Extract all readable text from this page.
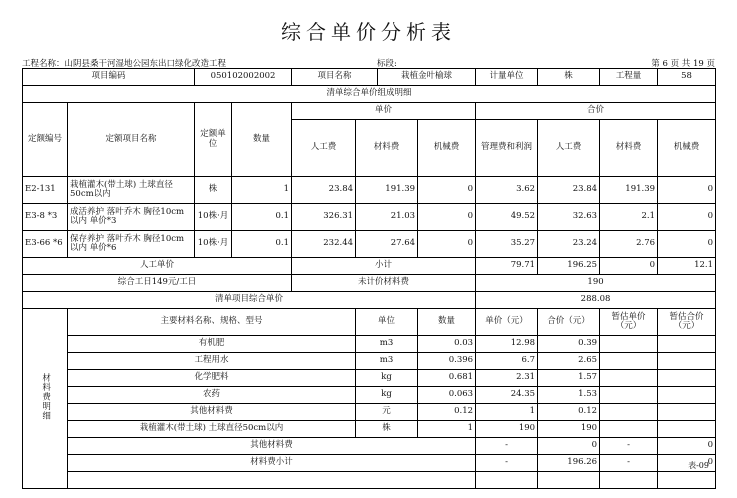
综合单价分析表
工程名称：山阴县桑干河湿地公园东出口绿化改造工程	标段:	第 6 页 共 19 页
项目编码		050102002002		项目名称		栽植金叶榆球		计量单位	株	工程量	58	
清单综合单价组成明细												
定额编号	定额项目名称	定额单位	数量	单价				合价				
				人工费	材料费		机械费	管理费和利润	人工费	材料费	机械费	
E2-131	栽植灌木(带土球) 土球直径50cm以内	株	1	23.84	191.39		0	3.62	23.84	191.39	0	
E3-8 *3	成活养护 落叶乔木 胸径10cm以内 单价*3	10株·月	0.1	326.31	21.03		0	49.52	32.63	2.1	0	
E3-66 *6	保存养护 落叶乔木 胸径10cm以内 单价*6	10株·月	0.1	232.44	27.64		0	35.27	23.24	2.76	0	
人工单价				小计				79.71	196.25	0	12.1	
综合工日149元/工日				未计价材料费				190				
清单项目综合单价								288.08				
材料费明细	主要材料名称、规格、型号				单位		数量	单价（元）	合价（元）	暂估单价（元）	暂估合价（元）	
	有机肥				m3		0.03	12.98	0.39			
	工程用水				m3		0.396	6.7	2.65			
	化学肥料				kg		0.681	2.31	1.57			
	农药				kg		0.063	24.35	1.53			
	其他材料费				元		0.12	1	0.12			
	栽植灌木(带土球) 土球直径50cm以内				株		1	190	190			
	其他材料费							-	0	-	0	
	材料费小计							-	196.26	-	0	

表-09
